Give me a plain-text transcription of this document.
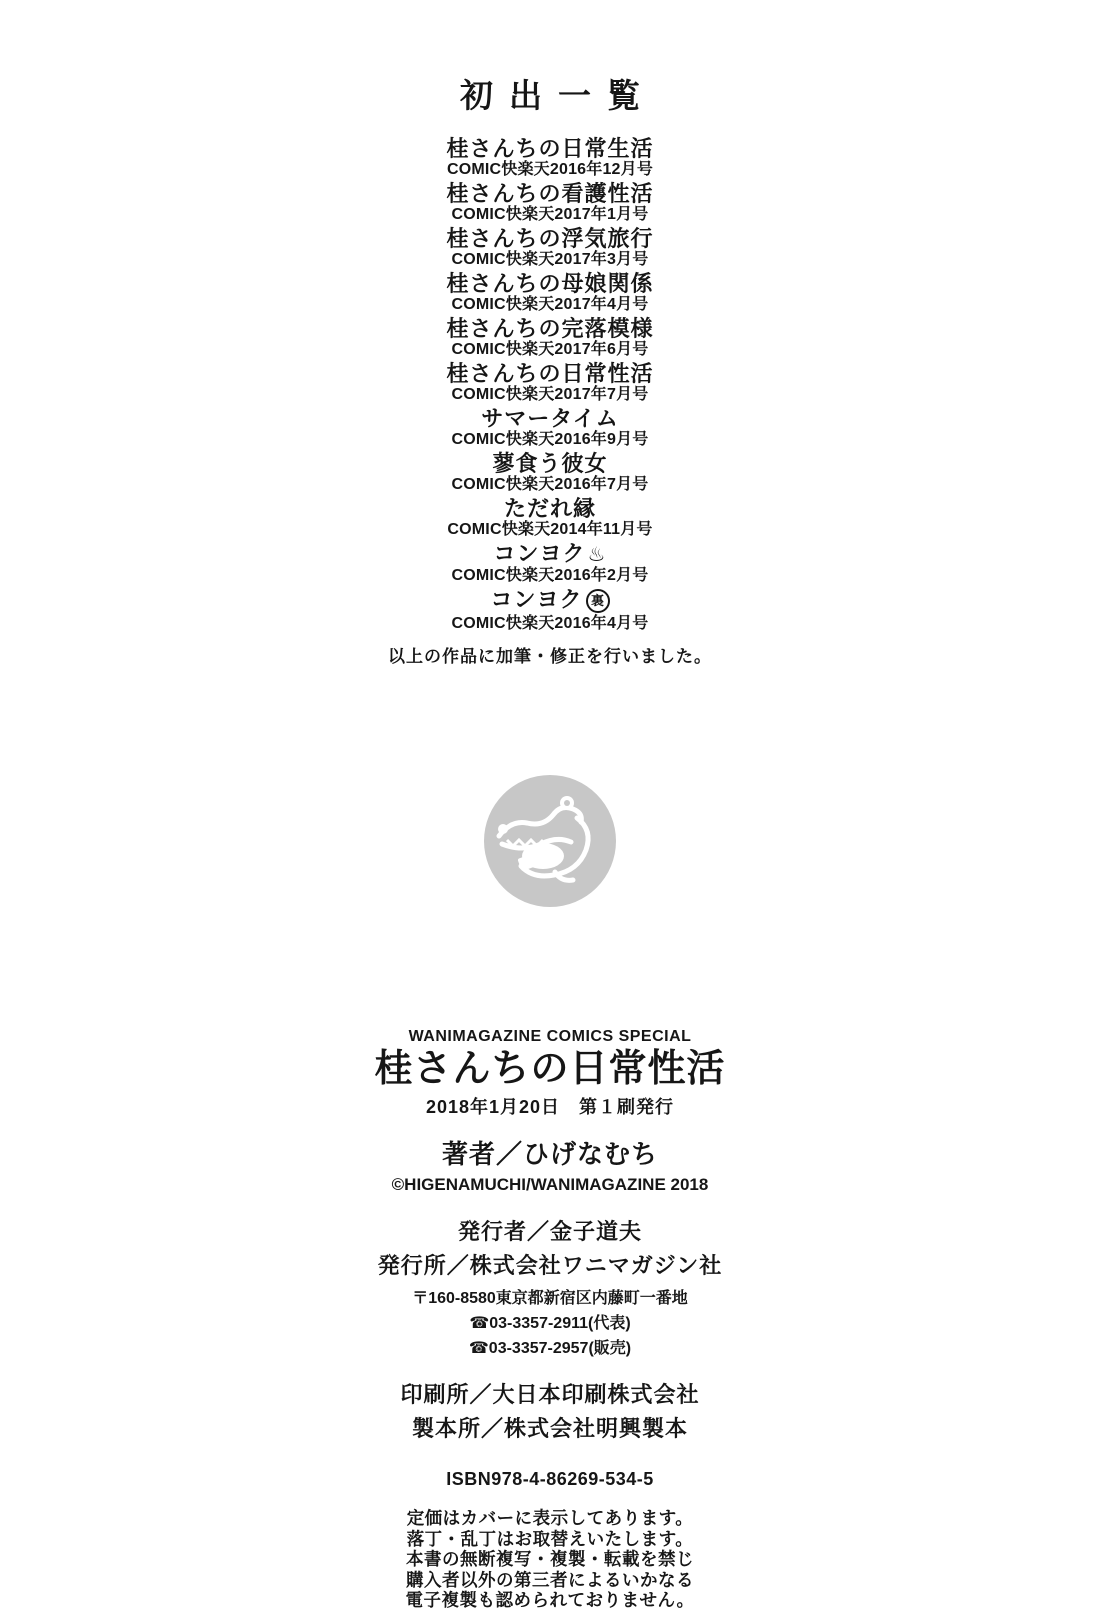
初出一覧
桂さんちの日常生活
COMIC快楽天2016年12月号
桂さんちの看護性活
COMIC快楽天2017年1月号
桂さんちの浮気旅行
COMIC快楽天2017年3月号
桂さんちの母娘関係
COMIC快楽天2017年4月号
桂さんちの完落模様
COMIC快楽天2017年6月号
桂さんちの日常性活
COMIC快楽天2017年7月号
サマータイム
COMIC快楽天2016年9月号
蓼食う彼女
COMIC快楽天2016年7月号
ただれ縁
COMIC快楽天2014年11月号
コンヨク ♨
COMIC快楽天2016年2月号
コンヨク 裏
COMIC快楽天2016年4月号
以上の作品に加筆・修正を行いました。
WANIMAGAZINE COMICS SPECIAL
桂さんちの日常性活
2018年1月20日　第１刷発行
著者／ひげなむち
©HIGENAMUCHI/WANIMAGAZINE 2018
発行者／金子道夫
発行所／株式会社ワニマガジン社
〒160-8580東京都新宿区内藤町一番地
☎03-3357-2911(代表)
☎03-3357-2957(販売)
印刷所／大日本印刷株式会社
製本所／株式会社明興製本
ISBN978-4-86269-534-5
定価はカバーに表示してあります。
落丁・乱丁はお取替えいたします。
本書の無断複写・複製・転載を禁じ
購入者以外の第三者によるいかなる
電子複製も認められておりません。
